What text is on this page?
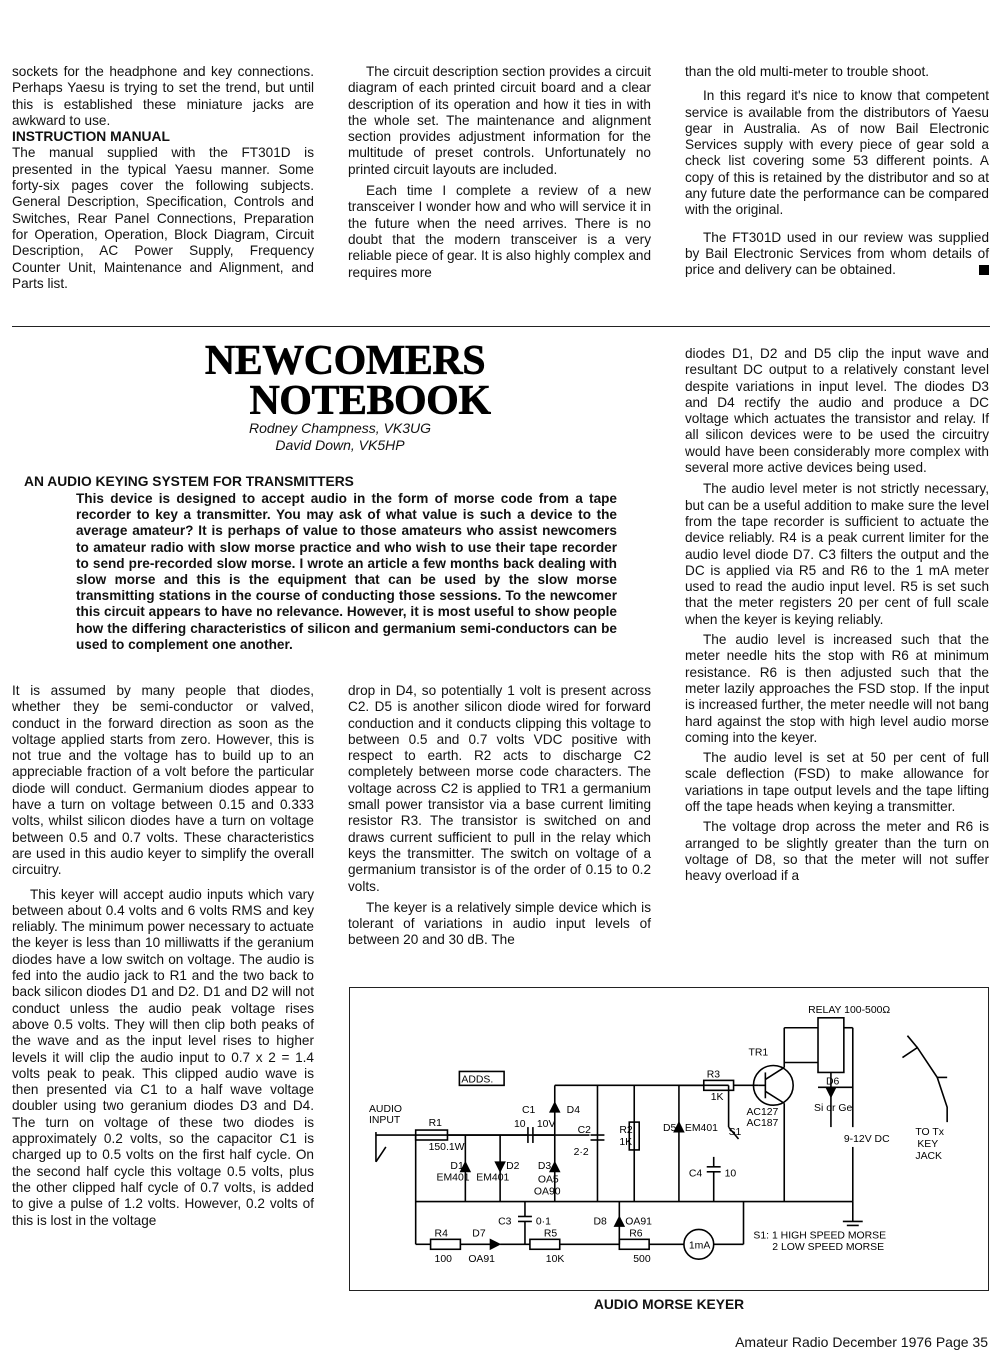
sockets for the headphone and key connections. Perhaps Yaesu is trying to set the trend, but until this is established these miniature jacks are awkward to use.

INSTRUCTION MANUAL

The manual supplied with the FT301D is presented in the typical Yaesu manner. Some forty-six pages cover the following subjects. General Description, Specification, Controls and Switches, Rear Panel Connections, Preparation for Operation, Operation, Block Diagram, Circuit Description, AC Power Supply, Frequency Counter Unit, Maintenance and Alignment, and Parts list.

The circuit description section provides a circuit diagram of each printed circuit board and a clear description of its operation and how it ties in with the whole set. The maintenance and alignment section provides adjustment information for the multitude of preset controls. Unfortunately no printed circuit layouts are included.

Each time I complete a review of a new transceiver I wonder how and who will service it in the future when the need arrives. There is no doubt that the modern transceiver is a very reliable piece of gear. It is also highly complex and requires more

than the old multi-meter to trouble shoot.

In this regard it's nice to know that competent service is available from the distributors of Yaesu gear in Australia. As of now Bail Electronic Services supply with every piece of gear sold a check list covering some 53 different points. A copy of this is retained by the distributor and so at any future date the performance can be compared with the original.

The FT301D used in our review was supplied by Bail Electronic Services from whom details of price and delivery can be obtained.

NEWCOMERS
NOTEBOOK
Rodney Champness, VK3UG
David Down, VK5HP
AN AUDIO KEYING SYSTEM FOR TRANSMITTERS
This device is designed to accept audio in the form of morse code from a tape recorder to key a transmitter. You may ask of what value is such a device to the average amateur? It is perhaps of value to those amateurs who assist newcomers to amateur radio with slow morse practice and who wish to use their tape recorder to send pre-recorded slow morse. I wrote an article a few months back dealing with slow morse and this is the equipment that can be used by the slow morse transmitting stations in the course of conducting those sessions. To the newcomer this circuit appears to have no relevance. However, it is most useful to show people how the differing characteristics of silicon and germanium semi-conductors can be used to complement one another.

It is assumed by many people that diodes, whether they be semi-conductor or valved, conduct in the forward direction as soon as the voltage applied starts from zero. However, this is not true and the voltage has to build up to an appreciable fraction of a volt before the particular diode will conduct. Germanium diodes appear to have a turn on voltage between 0.15 and 0.333 volts, whilst silicon diodes have a turn on voltage between 0.5 and 0.7 volts. These characteristics are used in this audio keyer to simplify the overall circuitry.

This keyer will accept audio inputs which vary between about 0.4 volts and 6 volts RMS and key reliably. The minimum power necessary to actuate the keyer is less than 10 milliwatts if the geranium diodes have a low switch on voltage. The audio is fed into the audio jack to R1 and the two back to back silicon diodes D1 and D2. D1 and D2 will not conduct unless the audio peak voltage rises above 0.5 volts. They will then clip both peaks of the wave and as the input level rises to higher levels it will clip the audio input to 0.7 x 2 = 1.4 volts peak to peak. This clipped audio wave is then presented via C1 to a half wave voltage doubler using two geranium diodes D3 and D4. The turn on voltage of these two diodes is approximately 0.2 volts, so the capacitor C1 is charged up to 0.5 volts on the first half cycle. On the second half cycle this voltage 0.5 volts, plus the other clipped half cycle of 0.7 volts, is added to give a pulse of 1.2 volts. However, 0.2 volts of this is lost in the voltage

drop in D4, so potentially 1 volt is present across C2. D5 is another silicon diode wired for forward conduction and it conducts clipping this voltage to between 0.5 and 0.7 volts VDC positive with respect to earth. R2 acts to discharge C2 completely between morse code characters. The voltage across C2 is applied to TR1 a germanium small power transistor via a base current limiting resistor R3. The transistor is switched on and draws current sufficient to pull in the relay which keys the transmitter. The switch on voltage of a germanium transistor is of the order of 0.15 to 0.2 volts.

The keyer is a relatively simple device which is tolerant of variations in audio input levels of between 20 and 30 dB. The

diodes D1, D2 and D5 clip the input wave and resultant DC output to a relatively constant level despite variations in input level. The diodes D3 and D4 rectify the audio and produce a DC voltage which actuates the transistor and relay. If all silicon devices were to be used the circuitry would have been considerably more complex with several more active devices being used.

The audio level meter is not strictly necessary, but can be a useful addition to make sure the level from the tape recorder is sufficient to actuate the device reliably. R4 is a peak current limiter for the audio level diode D7. C3 filters the output and the DC is applied via R5 and R6 to the 1 mA meter used to read the audio input level. R5 is set such that the meter registers 20 per cent of full scale when the keyer is keying reliably.

The audio level is increased such that the meter needle hits the stop with R6 at minimum resistance. R6 is then adjusted such that the meter lazily approaches the FSD stop. If the input is increased further, the meter needle will not bang hard against the stop with high level audio morse coming into the keyer.

The audio level is set at 50 per cent of full scale deflection (FSD) to make allowance for variations in tape output levels and the tape lifting off the tape heads when keying a transmitter.

The voltage drop across the meter and R6 is arranged to be slightly greater than the turn on voltage of D8, so that the meter will not suffer heavy overload if a

ADDS.
AUDIO
INPUT	R1
150.1W
D1
EM401
D2
EM401
C1
10 10V
D3
OA5
OA90
D4
C2
2·2
R2
1K
D5 EM401 S1
C4 10
R3
1K
TR1
AC127
AC187
RELAY 100-500Ω
D6
Si or Ge
9-12V DC
C3 0·1	D8 OA91
R4
100
D7
OA91
R5
10K
R6
500
1mA
S1: 1 HIGH SPEED MORSE
2 LOW SPEED MORSE
TO Tx
KEY
JACK
AUDIO MORSE KEYER
Amateur Radio December 1976 Page 35
